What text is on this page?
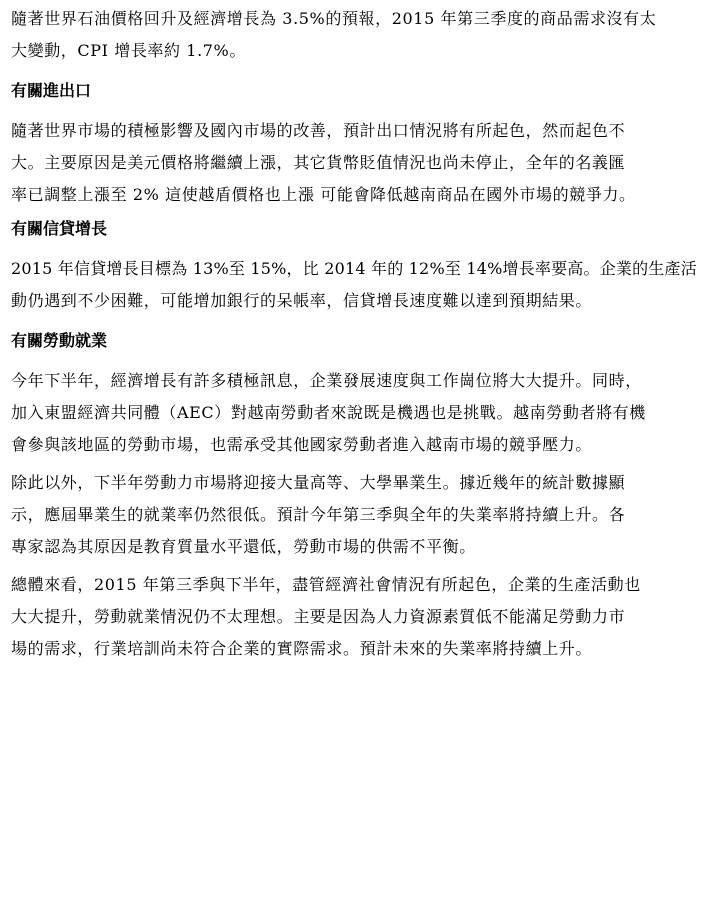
隨著世界石油價格回升及經濟增長為 3.5%的預報，2015 年第三季度的商品需求沒有太
大變動，CPI 增長率約 1.7%。
有關進出口
隨著世界市場的積極影響及國內市場的改善，預計出口情況將有所起色，然而起色不
大。主要原因是美元價格將繼續上漲，其它貨幣貶值情況也尚未停止，全年的名義匯
率已調整上漲至 2% 這使越盾價格也上漲 可能會降低越南商品在國外市場的競爭力。
有關信貸增長
2015 年信貸增長目標為 13%至 15%，比 2014 年的 12%至 14%增長率要高。企業的生產活
動仍遇到不少困難，可能增加銀行的呆帳率，信貸增長速度難以達到預期結果。
有關勞動就業
今年下半年，經濟增長有許多積極訊息，企業發展速度與工作崗位將大大提升。同時，
加入東盟經濟共同體（AEC）對越南勞動者來說既是機遇也是挑戰。越南勞動者將有機
會參與該地區的勞動市場，也需承受其他國家勞動者進入越南市場的競爭壓力。
除此以外，下半年勞動力市場將迎接大量高等、大學畢業生。據近幾年的統計數據顯
示，應屆畢業生的就業率仍然很低。預計今年第三季與全年的失業率將持續上升。各
專家認為其原因是教育質量水平還低，勞動市場的供需不平衡。
總體來看，2015 年第三季與下半年，盡管經濟社會情況有所起色，企業的生產活動也
大大提升，勞動就業情況仍不太理想。主要是因為人力資源素質低不能滿足勞動力市
場的需求，行業培訓尚未符合企業的實際需求。預計未來的失業率將持續上升。
